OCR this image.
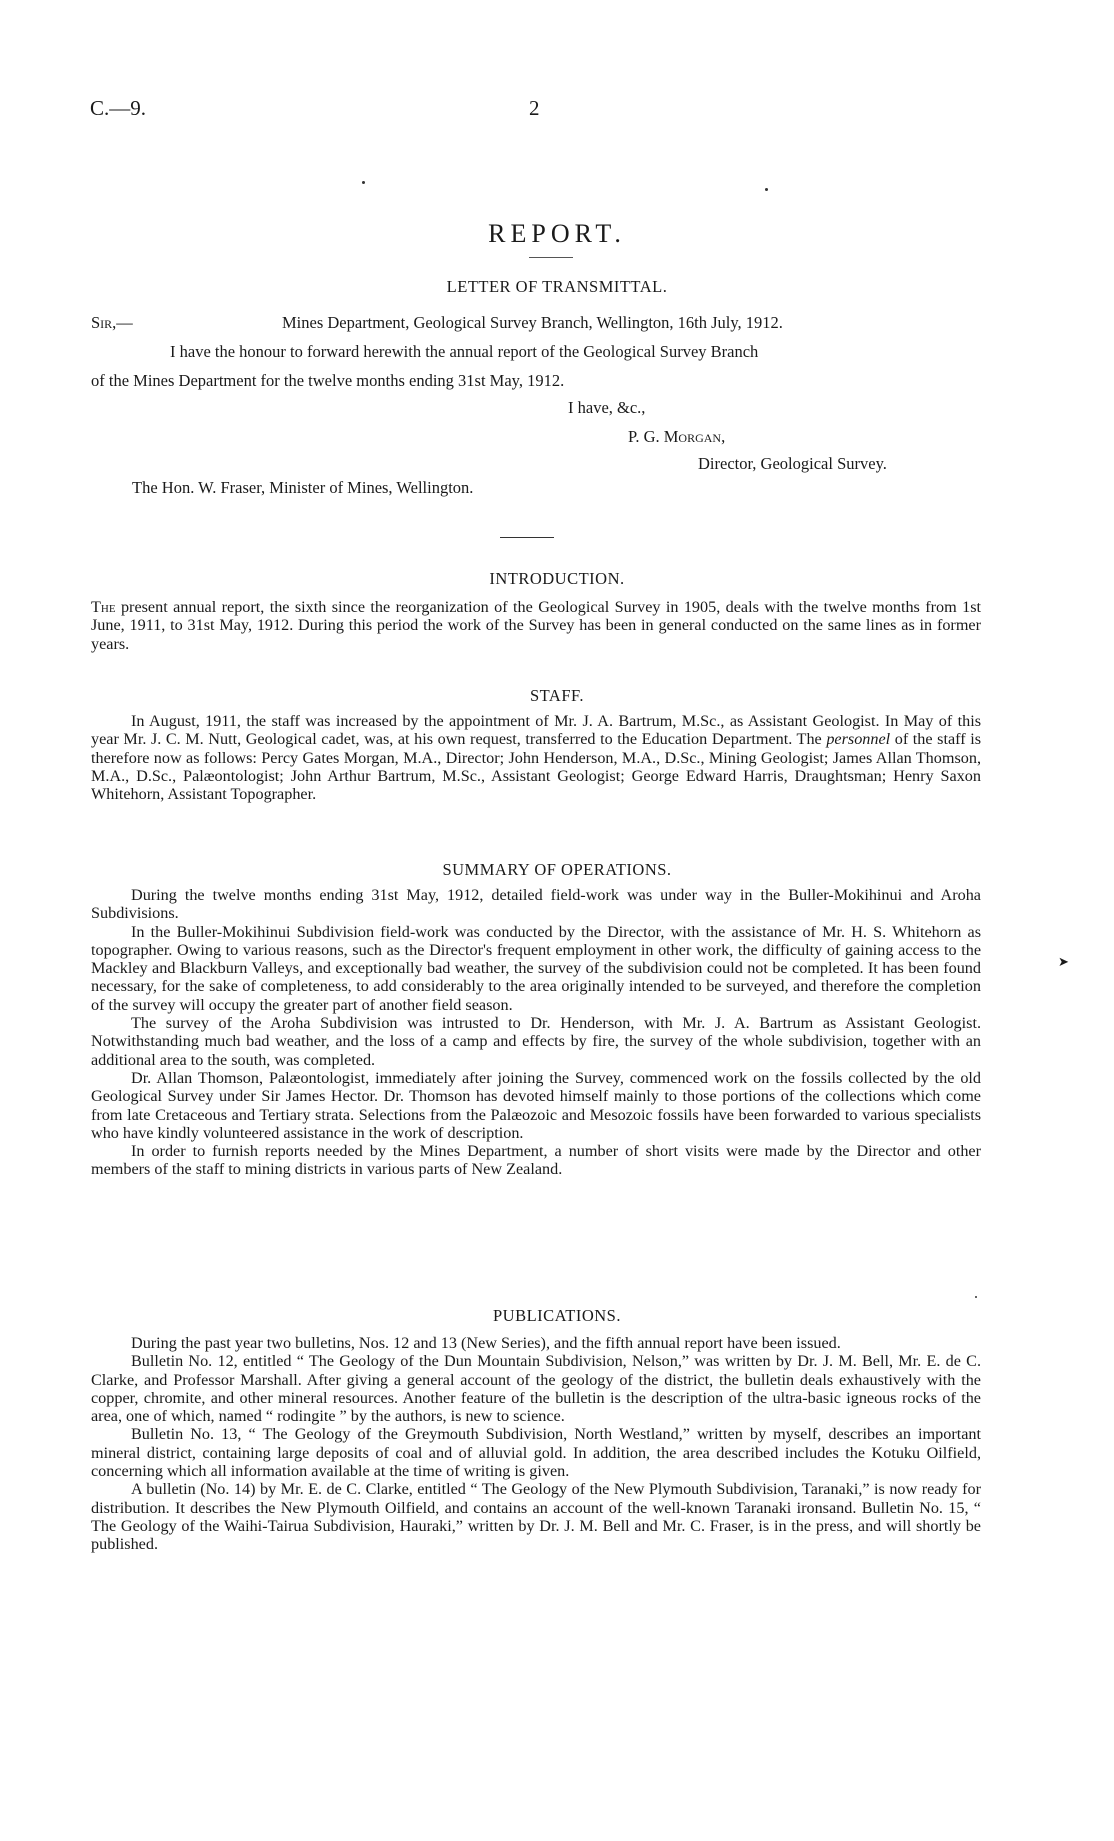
C.—9.	2
REPORT.
LETTER OF TRANSMITTAL.
Sir,—	Mines Department, Geological Survey Branch, Wellington, 16th July, 1912.
I have the honour to forward herewith the annual report of the Geological Survey Branch
of the Mines Department for the twelve months ending 31st May, 1912.
I have, &c.,
P. G. Morgan,
Director, Geological Survey.
The Hon. W. Fraser, Minister of Mines, Wellington.
INTRODUCTION.

The present annual report, the sixth since the reorganization of the Geological Survey in 1905, deals with the twelve months from 1st June, 1911, to 31st May, 1912. During this period the work of the Survey has been in general conducted on the same lines as in former years.

STAFF.

In August, 1911, the staff was increased by the appointment of Mr. J. A. Bartrum, M.Sc., as Assistant Geologist. In May of this year Mr. J. C. M. Nutt, Geological cadet, was, at his own request, transferred to the Education Department. The personnel of the staff is therefore now as follows: Percy Gates Morgan, M.A., Director; John Henderson, M.A., D.Sc., Mining Geologist; James Allan Thomson, M.A., D.Sc., Palæontologist; John Arthur Bartrum, M.Sc., Assistant Geologist; George Edward Harris, Draughtsman; Henry Saxon Whitehorn, Assistant Topographer.

SUMMARY OF OPERATIONS.

During the twelve months ending 31st May, 1912, detailed field-work was under way in the Buller-Mokihinui and Aroha Subdivisions.

In the Buller-Mokihinui Subdivision field-work was conducted by the Director, with the assistance of Mr. H. S. Whitehorn as topographer. Owing to various reasons, such as the Director's frequent employment in other work, the difficulty of gaining access to the Mackley and Blackburn Valleys, and exceptionally bad weather, the survey of the subdivision could not be completed. It has been found necessary, for the sake of completeness, to add considerably to the area originally intended to be surveyed, and therefore the completion of the survey will occupy the greater part of another field season.

The survey of the Aroha Subdivision was intrusted to Dr. Henderson, with Mr. J. A. Bartrum as Assistant Geologist. Notwithstanding much bad weather, and the loss of a camp and effects by fire, the survey of the whole subdivision, together with an additional area to the south, was completed.

Dr. Allan Thomson, Palæontologist, immediately after joining the Survey, commenced work on the fossils collected by the old Geological Survey under Sir James Hector. Dr. Thomson has devoted himself mainly to those portions of the collections which come from late Cretaceous and Tertiary strata. Selections from the Palæozoic and Mesozoic fossils have been forwarded to various specialists who have kindly volunteered assistance in the work of description.

In order to furnish reports needed by the Mines Department, a number of short visits were made by the Director and other members of the staff to mining districts in various parts of New Zealand.

➤
PUBLICATIONS.

During the past year two bulletins, Nos. 12 and 13 (New Series), and the fifth annual report have been issued.

Bulletin No. 12, entitled “ The Geology of the Dun Mountain Subdivision, Nelson,” was written by Dr. J. M. Bell, Mr. E. de C. Clarke, and Professor Marshall. After giving a general account of the geology of the district, the bulletin deals exhaustively with the copper, chromite, and other mineral resources. Another feature of the bulletin is the description of the ultra-basic igneous rocks of the area, one of which, named “ rodingite ” by the authors, is new to science.

Bulletin No. 13, “ The Geology of the Greymouth Subdivision, North Westland,” written by myself, describes an important mineral district, containing large deposits of coal and of alluvial gold. In addition, the area described includes the Kotuku Oilfield, concerning which all information available at the time of writing is given.

A bulletin (No. 14) by Mr. E. de C. Clarke, entitled “ The Geology of the New Plymouth Subdivision, Taranaki,” is now ready for distribution. It describes the New Plymouth Oilfield, and contains an account of the well-known Taranaki ironsand. Bulletin No. 15, “ The Geology of the Waihi-Tairua Subdivision, Hauraki,” written by Dr. J. M. Bell and Mr. C. Fraser, is in the press, and will shortly be published.
